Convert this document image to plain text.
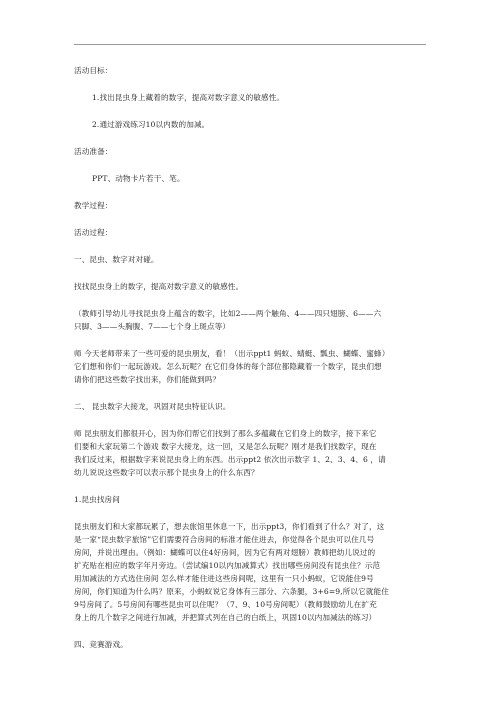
活动目标：
1.找出昆虫身上藏着的数字，提高对数字意义的敏感性。
2.通过游戏练习10以内数的加减。
活动准备：
PPT、动物卡片若干、笔。
教学过程：
活动过程：
一、昆虫、数字对对碰。
找找昆虫身上的数字，提高对数字意义的敏感性。
（教师引导幼儿寻找昆虫身上蕴含的数字，比如2——两个触角、4——四只翅膀、6——六
只脚、3——头胸腹、7——七个身上斑点等）
师 今天老师带来了一些可爱的昆虫朋友，看！（出示ppt1 蚂蚁、蜻蜓、瓢虫、蝴蝶、蜜蜂）
它们想和你们一起玩游戏。怎么玩呢？在它们身体的每个部位都隐藏着一个数字，昆虫们想
请你们把这些数字找出来，你们能做到吗？
二、 昆虫数字大接龙，巩固对昆虫特征认识。
师 昆虫朋友们都很开心，因为你们帮它们找到了那么多蕴藏在它们身上的数字，接下来它
们要和大家玩第二个游戏 数字大接龙，这一回，又是怎么玩呢？刚才是我们找数字，现在
我们反过来，根据数字来说昆虫身上的东西。出示ppt2 依次出示数字 1、2、3、4、6 ，请
幼儿说说这些数字可以表示那个昆虫身上的什么东西？
1.昆虫找房间
昆虫朋友们和大家都玩累了，想去旅馆里休息一下，出示ppt3，你们看到了什么？对了，这
是一家“昆虫数字旅馆”它们需要符合房间的标准才能住进去，你觉得各个昆虫可以住几号
房间，并说出理由。（例如：蝴蝶可以住4好房间，因为它有两对翅膀）教师把幼儿说过的
扩充贴在相应的数字年月旁边。（尝试编10以内加减算式）找出哪些房间没有昆虫住？示范
用加减法的方式选住房间 怎么样才能住进这些房间呢，这里有一只小蚂蚁，它说能住9号
房间，你们知道为什么吗？原来，小蚂蚁说它身体有三部分、六条腿，3+6=9,所以它就能住
9号房间了。5号房间有哪些昆虫可以住呢？（7、9、10号房间呢）（教师鼓励幼儿在扩充
身上的几个数字之间进行加减，并把算式列在自己的白纸上，巩固10以内加减法的练习）
四、竞赛游戏。
